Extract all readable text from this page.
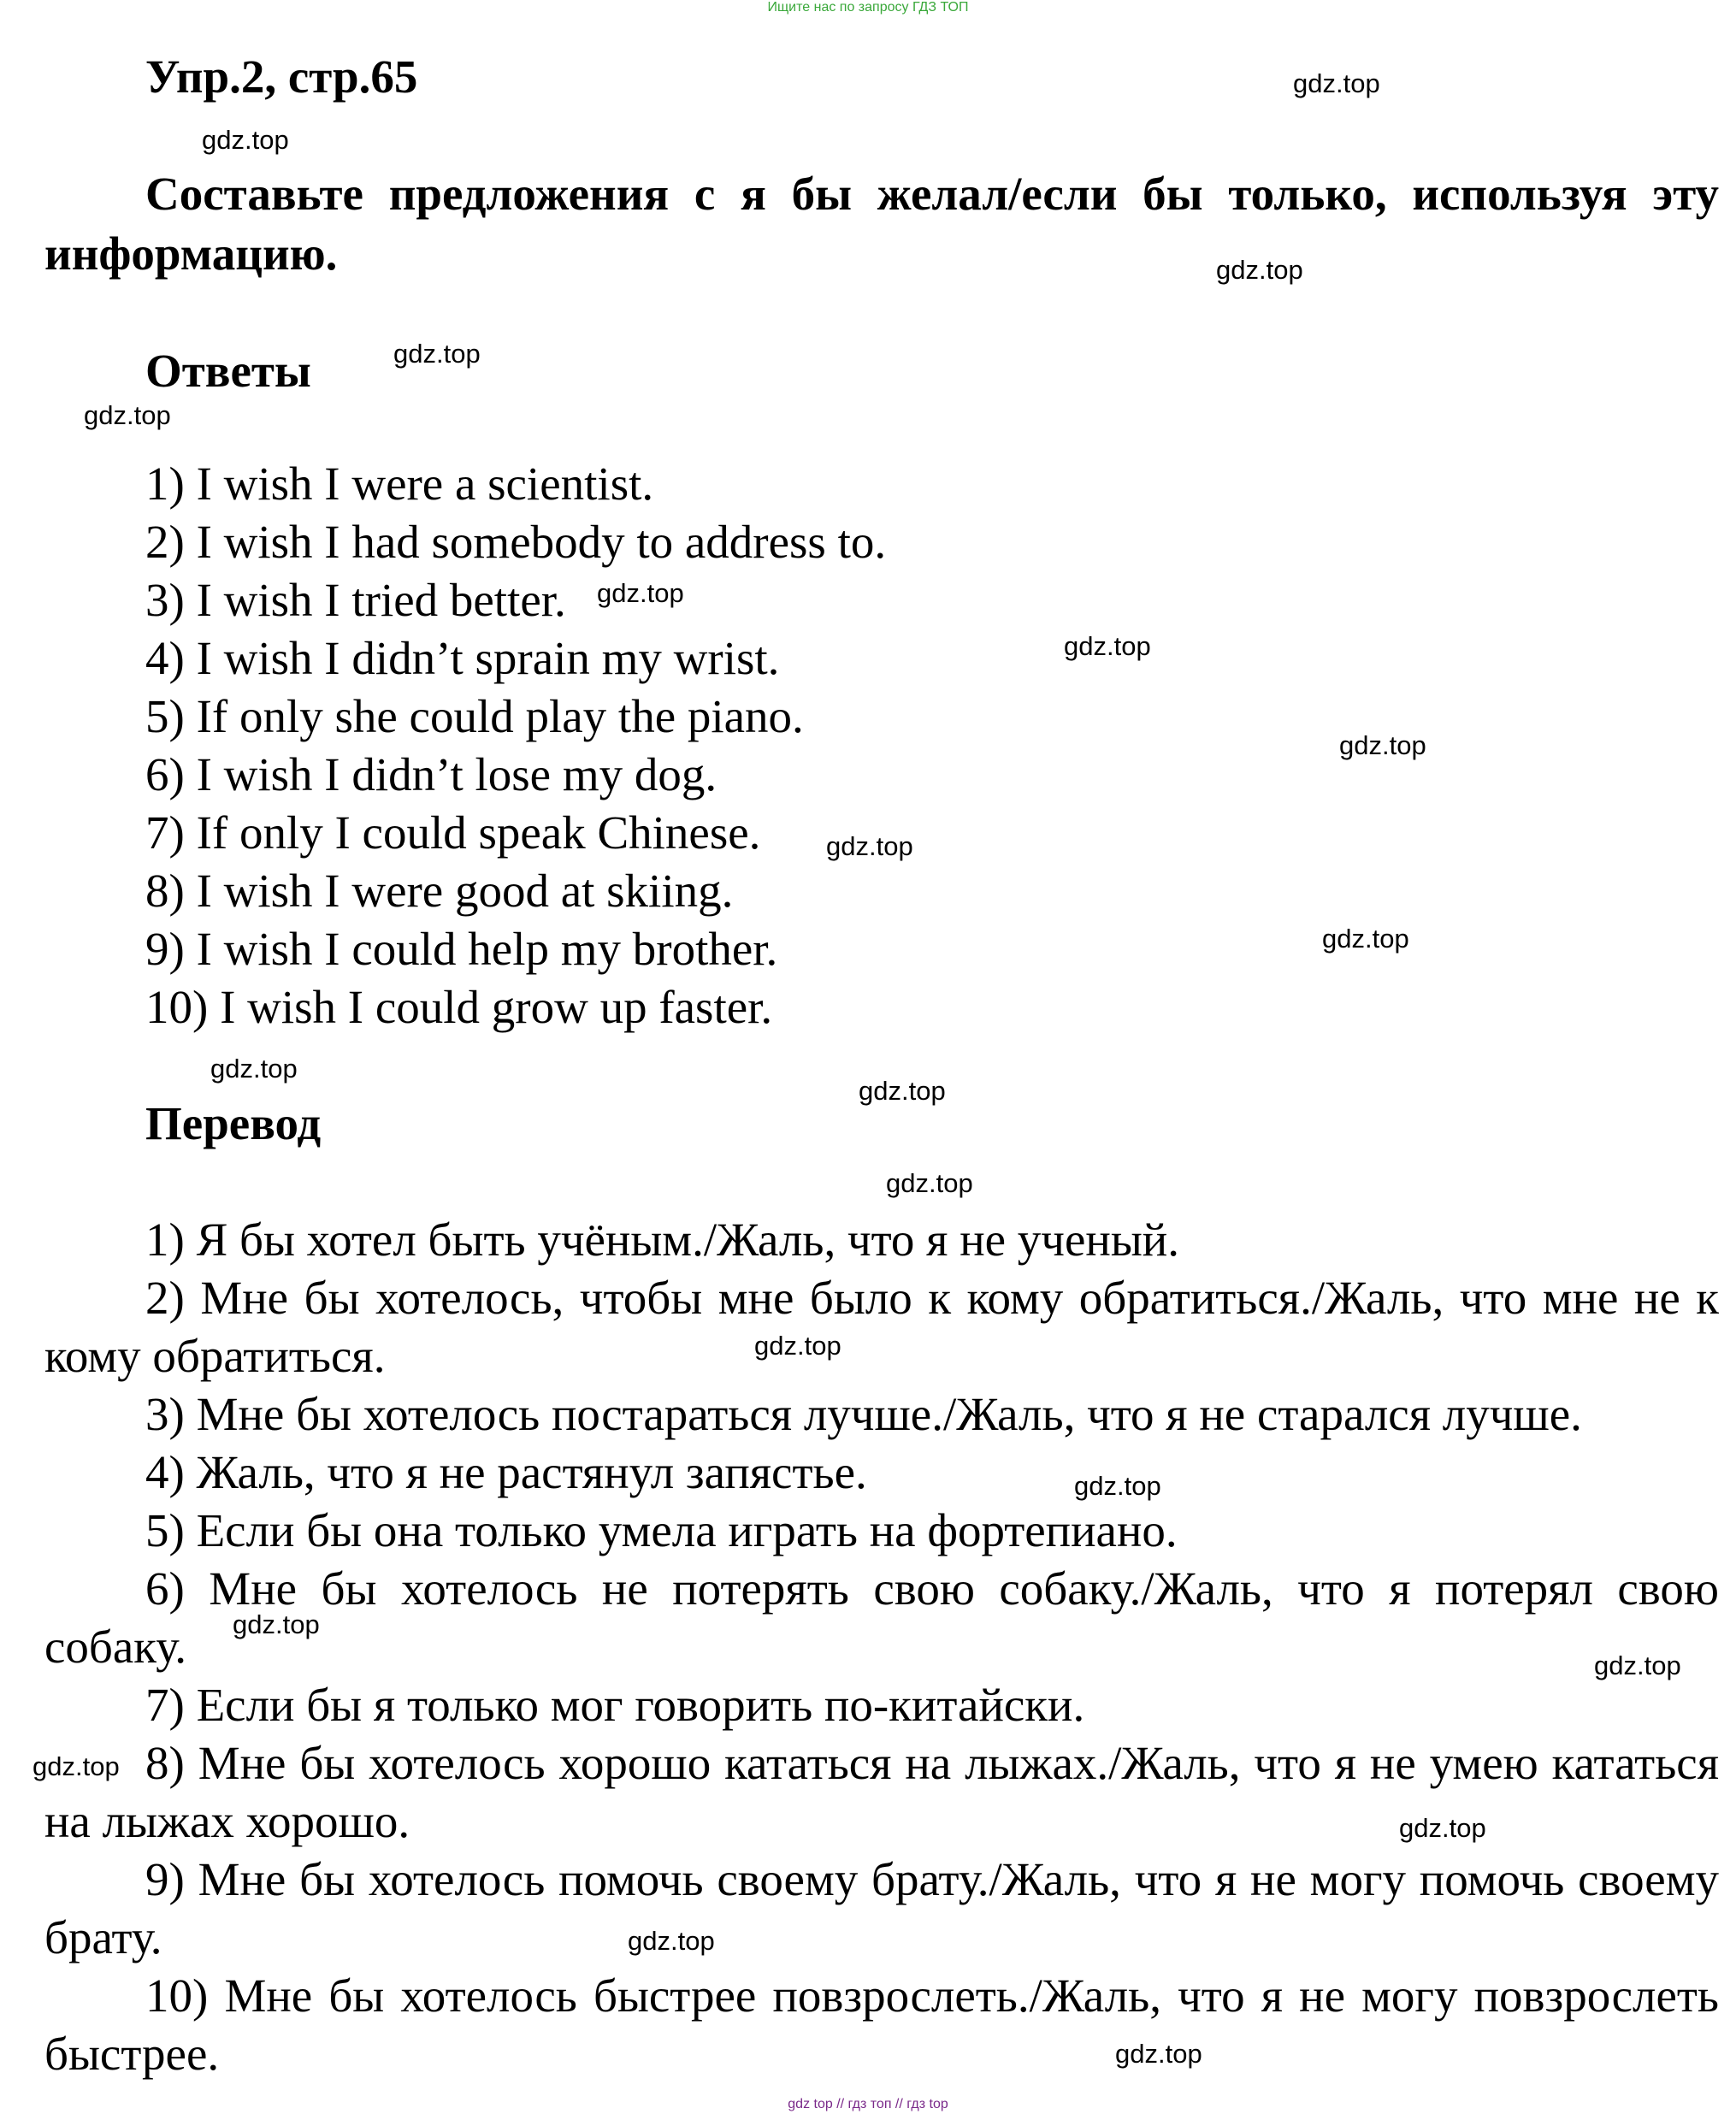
Ищите нас по запросу ГДЗ ТОП
Упр.2, стр.65
Составьте предложения с я бы желал/если бы только, используя эту информацию.
Ответы
1) I wish I were a scientist.
2) I wish I had somebody to address to.
3) I wish I tried better.
4) I wish I didn’t sprain my wrist.
5) If only she could play the piano.
6) I wish I didn’t lose my dog.
7) If only I could speak Chinese.
8) I wish I were good at skiing.
9) I wish I could help my brother.
10) I wish I could grow up faster.
Перевод

1) Я бы хотел быть учёным./Жаль, что я не ученый.

2) Мне бы хотелось, чтобы мне было к кому обратиться./Жаль, что мне не к кому обратиться.

3) Мне бы хотелось постараться лучше./Жаль, что я не старался лучше.

4) Жаль, что я не растянул запястье.

5) Если бы она только умела играть на фортепиано.

6) Мне бы хотелось не потерять свою собаку./Жаль, что я потерял свою собаку.

7) Если бы я только мог говорить по-китайски.

8) Мне бы хотелось хорошо кататься на лыжах./Жаль, что я не умею кататься на лыжах хорошо.

9) Мне бы хотелось помочь своему брату./Жаль, что я не могу помочь своему брату.

10) Мне бы хотелось быстрее повзрослеть./Жаль, что я не могу повзрослеть быстрее.

gdz.top
gdz.top
gdz.top
gdz.top
gdz.top
gdz.top
gdz.top
gdz.top
gdz.top
gdz.top
gdz.top
gdz.top
gdz.top
gdz.top
gdz.top
gdz.top
gdz.top
gdz.top
gdz.top
gdz.top
gdz.top
gdz top // гдз топ // гдз top
